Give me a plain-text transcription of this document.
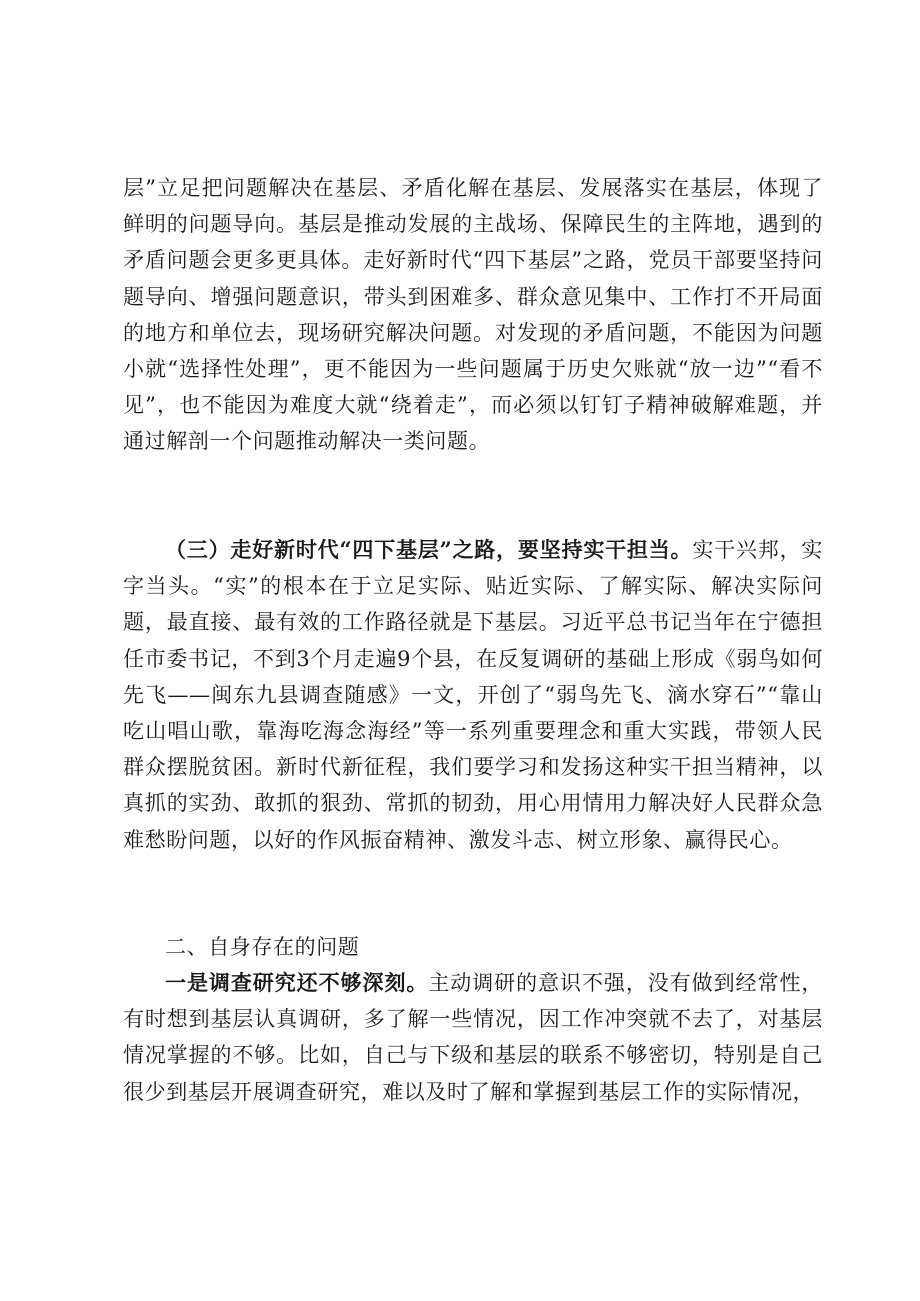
层”立足把问题解决在基层、矛盾化解在基层、发展落实在基层，体现了鲜明的问题导向。基层是推动发展的主战场、保障民生的主阵地，遇到的矛盾问题会更多更具体。走好新时代“四下基层”之路，党员干部要坚持问题导向、增强问题意识，带头到困难多、群众意见集中、工作打不开局面的地方和单位去，现场研究解决问题。对发现的矛盾问题，不能因为问题小就“选择性处理”，更不能因为一些问题属于历史欠账就“放一边”“看不见”，也不能因为难度大就“绕着走”，而必须以钉钉子精神破解难题，并通过解剖一个问题推动解决一类问题。

（三）走好新时代“四下基层”之路，要坚持实干担当。实干兴邦，实字当头。“实”的根本在于立足实际、贴近实际、了解实际、解决实际问题，最直接、最有效的工作路径就是下基层。习近平总书记当年在宁德担任市委书记，不到3个月走遍9个县，在反复调研的基础上形成《弱鸟如何先飞——闽东九县调查随感》一文，开创了“弱鸟先飞、滴水穿石”“靠山吃山唱山歌，靠海吃海念海经”等一系列重要理念和重大实践，带领人民群众摆脱贫困。新时代新征程，我们要学习和发扬这种实干担当精神，以真抓的实劲、敢抓的狠劲、常抓的韧劲，用心用情用力解决好人民群众急难愁盼问题，以好的作风振奋精神、激发斗志、树立形象、赢得民心。

二、自身存在的问题

一是调查研究还不够深刻。主动调研的意识不强，没有做到经常性，有时想到基层认真调研，多了解一些情况，因工作冲突就不去了，对基层情况掌握的不够。比如，自己与下级和基层的联系不够密切，特别是自己很少到基层开展调查研究，难以及时了解和掌握到基层工作的实际情况，
